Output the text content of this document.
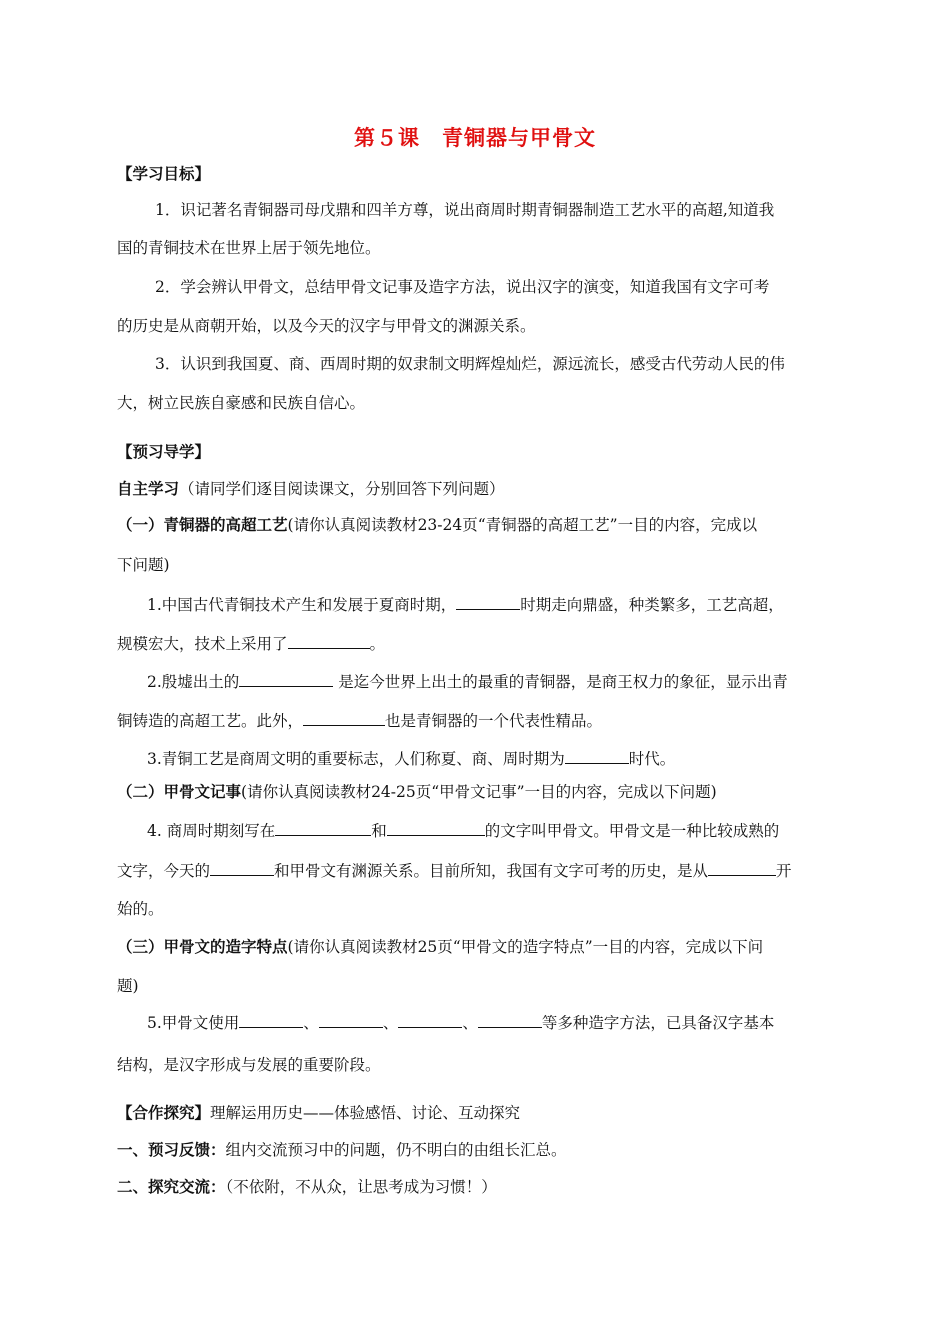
第５课　青铜器与甲骨文
【学习目标】
1．识记著名青铜器司母戊鼎和四羊方尊，说出商周时期青铜器制造工艺水平的高超,知道我
国的青铜技术在世界上居于领先地位。
2．学会辨认甲骨文，总结甲骨文记事及造字方法，说出汉字的演变，知道我国有文字可考
的历史是从商朝开始，以及今天的汉字与甲骨文的渊源关系。
3．认识到我国夏、商、西周时期的奴隶制文明辉煌灿烂，源远流长，感受古代劳动人民的伟
大，树立民族自豪感和民族自信心。
【预习导学】
自主学习（请同学们逐目阅读课文，分别回答下列问题）
（一）青铜器的高超工艺(请你认真阅读教材23-24页“青铜器的高超工艺”一目的内容，完成以
下问题)
1.中国古代青铜技术产生和发展于夏商时期，	时期走向鼎盛，种类繁多，工艺高超，
规模宏大，技术上采用了	。
2.殷墟出土的	是迄今世界上出土的最重的青铜器，是商王权力的象征，显示出青
铜铸造的高超工艺。此外，	也是青铜器的一个代表性精品。
3.青铜工艺是商周文明的重要标志，人们称夏、商、周时期为	时代。
（二）甲骨文记事(请你认真阅读教材24-25页“甲骨文记事”一目的内容，完成以下问题)
4. 商周时期刻写在	和	的文字叫甲骨文。甲骨文是一种比较成熟的
文字，今天的	和甲骨文有渊源关系。目前所知，我国有文字可考的历史，是从	开
始的。
（三）甲骨文的造字特点(请你认真阅读教材25页“甲骨文的造字特点”一目的内容，完成以下问
题)
5.甲骨文使用	、	、	、	等多种造字方法，已具备汉字基本
结构，是汉字形成与发展的重要阶段。
【合作探究】理解运用历史——体验感悟、讨论、互动探究
一、预习反馈：组内交流预习中的问题，仍不明白的由组长汇总。
二、探究交流：（不依附，不从众，让思考成为习惯！）
